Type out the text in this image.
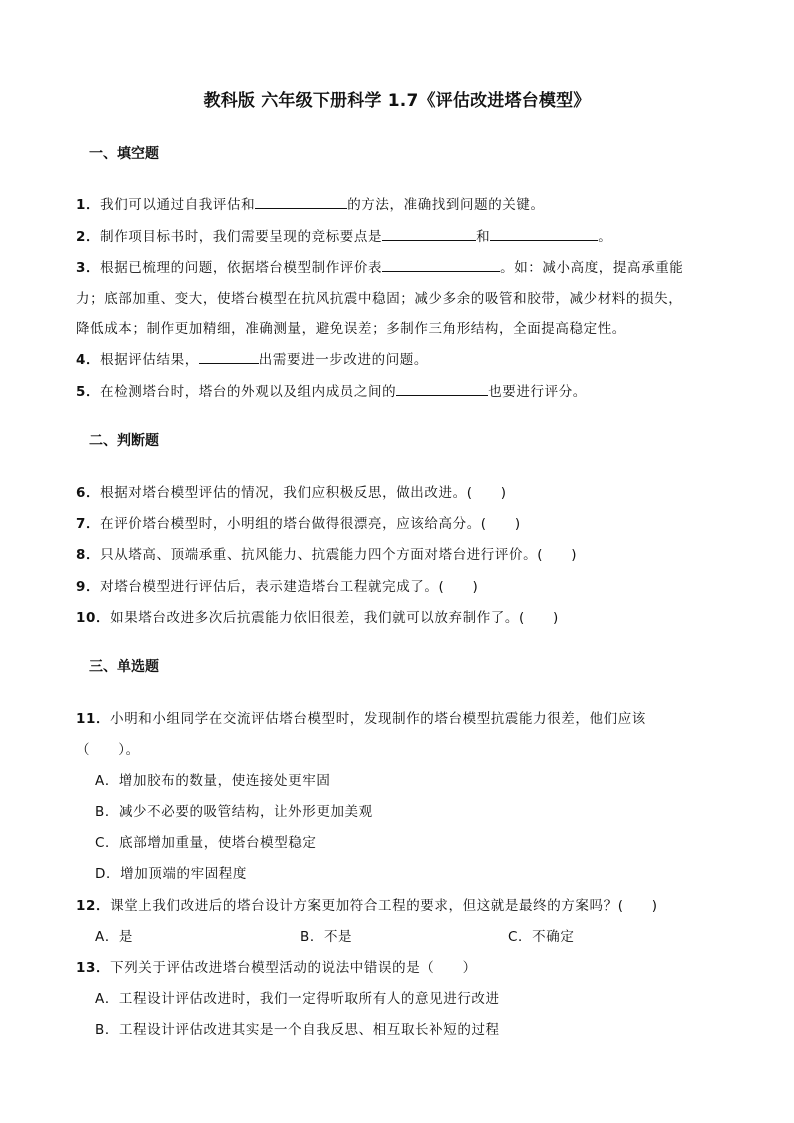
教科版 六年级下册科学 1.7《评估改进塔台模型》
一、填空题
1．我们可以通过自我评估和	的方法，准确找到问题的关键。
2．制作项目标书时，我们需要呈现的竞标要点是	和	。
3．根据已梳理的问题，依据塔台模型制作评价表	。如：减小高度，提高承重能
力；底部加重、变大，使塔台模型在抗风抗震中稳固；减少多余的吸管和胶带，减少材料的损失，
降低成本；制作更加精细，准确测量，避免误差；多制作三角形结构，全面提高稳定性。
4．根据评估结果，	出需要进一步改进的问题。
5．在检测塔台时，塔台的外观以及组内成员之间的	也要进行评分。
二、判断题
6．根据对塔台模型评估的情况，我们应积极反思，做出改进。(　　)
7．在评价塔台模型时，小明组的塔台做得很漂亮，应该给高分。(　　)
8．只从塔高、顶端承重、抗风能力、抗震能力四个方面对塔台进行评价。(　　)
9．对塔台模型进行评估后，表示建造塔台工程就完成了。(　　)
10．如果塔台改进多次后抗震能力依旧很差，我们就可以放弃制作了。(　　)
三、单选题
11．小明和小组同学在交流评估塔台模型时，发现制作的塔台模型抗震能力很差，他们应该
（　　）。
A．增加胶布的数量，使连接处更牢固
B．减少不必要的吸管结构，让外形更加美观
C．底部增加重量，使塔台模型稳定
D．增加顶端的牢固程度
12．课堂上我们改进后的塔台设计方案更加符合工程的要求，但这就是最终的方案吗？(　　)
A．是	B．不是	C．不确定
13．下列关于评估改进塔台模型活动的说法中错误的是（　　）
A．工程设计评估改进时，我们一定得听取所有人的意见进行改进
B．工程设计评估改进其实是一个自我反思、相互取长补短的过程
